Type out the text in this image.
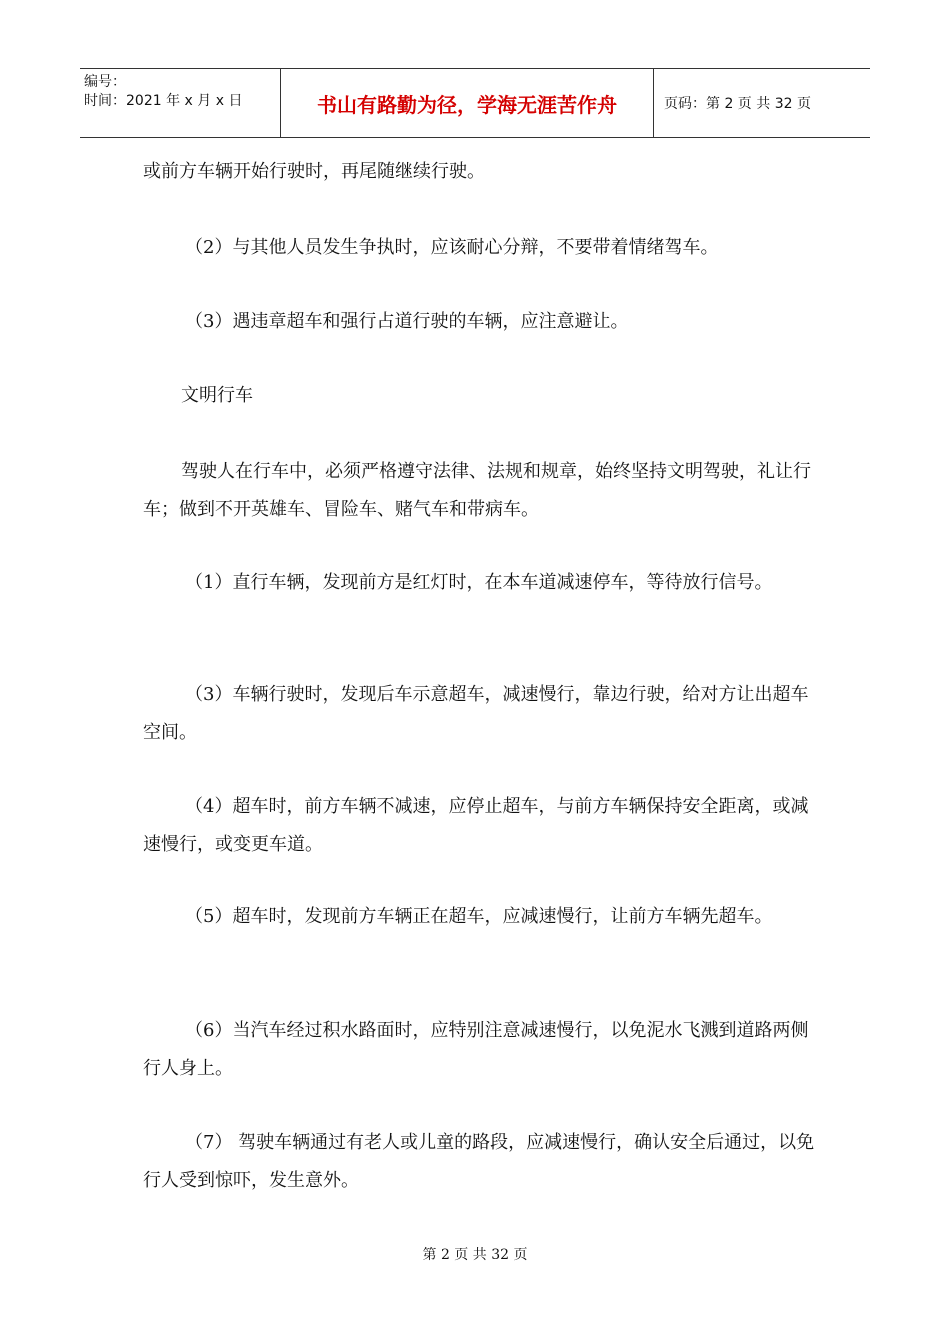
编号：
时间：2021 年 x 月 x 日	书山有路勤为径，学海无涯苦作舟	页码：第 2 页 共 32 页

或前方车辆开始行驶时，再尾随继续行驶。

（2）与其他人员发生争执时，应该耐心分辩，不要带着情绪驾车。

（3）遇违章超车和强行占道行驶的车辆，应注意避让。

文明行车

驾驶人在行车中，必须严格遵守法律、法规和规章，始终坚持文明驾驶，礼让行车；做到不开英雄车、冒险车、赌气车和带病车。

（1）直行车辆，发现前方是红灯时，在本车道减速停车，等待放行信号。

（3）车辆行驶时，发现后车示意超车，减速慢行，靠边行驶，给对方让出超车空间。

（4）超车时，前方车辆不减速，应停止超车，与前方车辆保持安全距离，或减速慢行，或变更车道。

（5）超车时，发现前方车辆正在超车，应减速慢行，让前方车辆先超车。

（6）当汽车经过积水路面时，应特别注意减速慢行，以免泥水飞溅到道路两侧行人身上。

（7） 驾驶车辆通过有老人或儿童的路段，应减速慢行，确认安全后通过，以免行人受到惊吓，发生意外。

第 2 页 共 32 页
